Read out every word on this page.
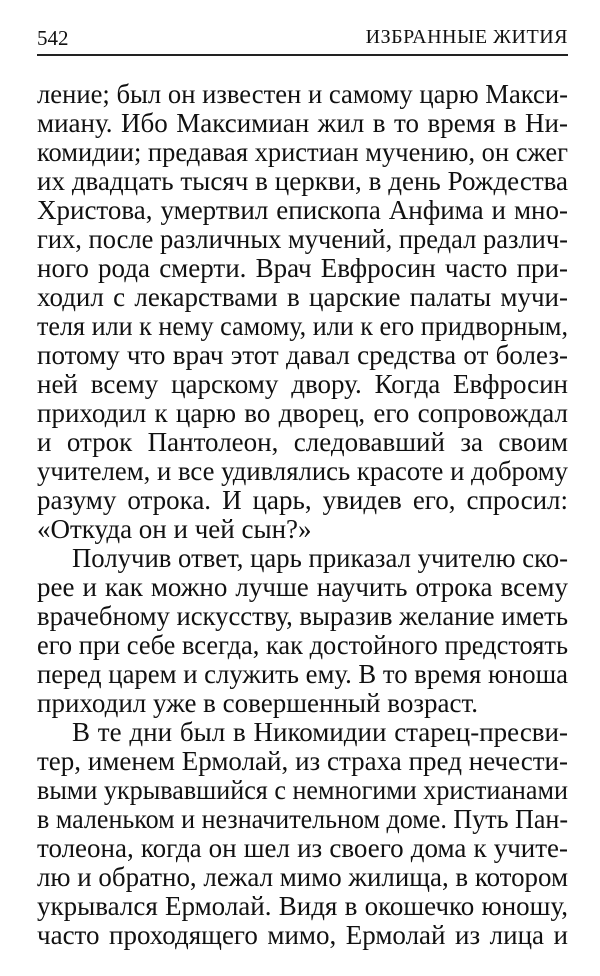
542	ИЗБРАННЫЕ ЖИТИЯ
ление; был он известен и самому царю Макси-
миану. Ибо Максимиан жил в то время в Ни-
комидии; предавая христиан мучению, он сжег
их двадцать тысяч в церкви, в день Рождества
Христова, умертвил епископа Анфима и мно-
гих, после различных мучений, предал различ-
ного рода смерти. Врач Евфросин часто при-
ходил с лекарствами в царские палаты мучи-
теля или к нему самому, или к его придворным,
потому что врач этот давал средства от болез-
ней всему царскому двору. Когда Евфросин
приходил к царю во дворец, его сопровождал
и отрок Пантолеон, следовавший за своим
учителем, и все удивлялись красоте и доброму
разуму отрока. И царь, увидев его, спросил:
«Откуда он и чей сын?»
Получив ответ, царь приказал учителю ско-
рее и как можно лучше научить отрока всему
врачебному искусству, выразив желание иметь
его при себе всегда, как достойного предстоять
перед царем и служить ему. В то время юноша
приходил уже в совершенный возраст.
В те дни был в Никомидии старец-пресви-
тер, именем Ермолай, из страха пред нечести-
выми укрывавшийся с немногими христианами
в маленьком и незначительном доме. Путь Пан-
толеона, когда он шел из своего дома к учите-
лю и обратно, лежал мимо жилища, в котором
укрывался Ермолай. Видя в окошечко юношу,
часто проходящего мимо, Ермолай из лица и
